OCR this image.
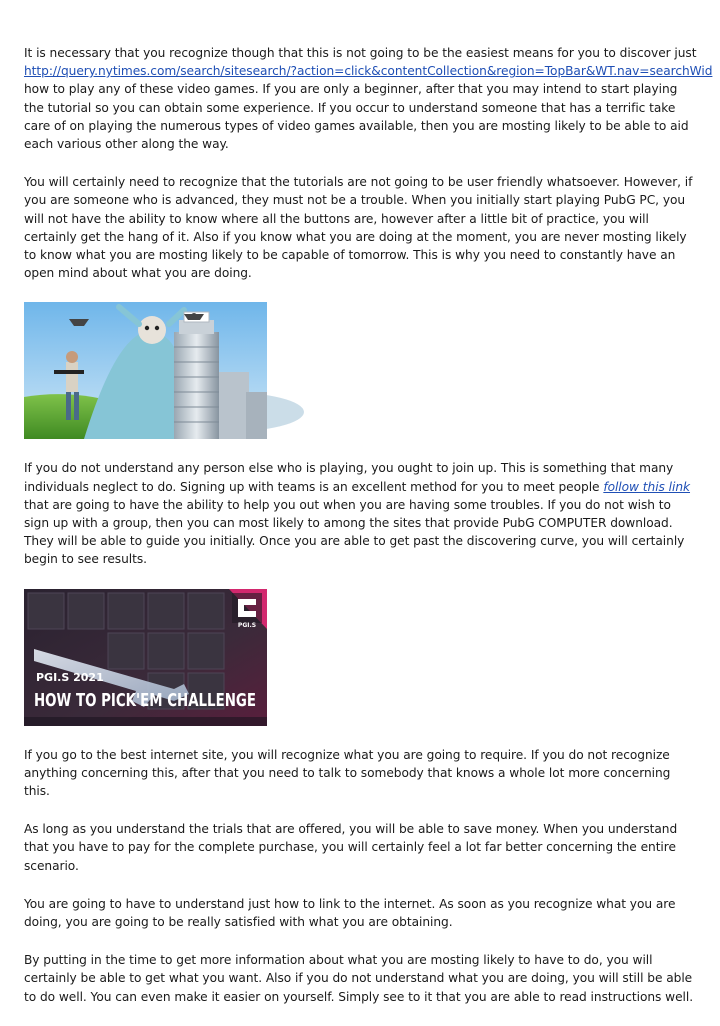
It is necessary that you recognize though that this is not going to be the easiest means for you to discover just
http://query.nytimes.com/search/sitesearch/?action=click&contentCollection&region=TopBar&WT.nav=searchWid
how to play any of these video games. If you are only a beginner, after that you may intend to start playing the tutorial so you can obtain some experience. If you occur to understand someone that has a terrific take care of on playing the numerous types of video games available, then you are mosting likely to be able to aid each various other along the way.

You will certainly need to recognize that the tutorials are not going to be user friendly whatsoever. However, if you are someone who is advanced, they must not be a trouble. When you initially start playing PubG PC, you will not have the ability to know where all the buttons are, however after a little bit of practice, you will certainly get the hang of it. Also if you know what you are doing at the moment, you are never mosting likely to know what you are mosting likely to be capable of tomorrow. This is why you need to constantly have an open mind about what you are doing.

If you do not understand any person else who is playing, you ought to join up. This is something that many individuals neglect to do. Signing up with teams is an excellent method for you to meet people follow this link that are going to have the ability to help you out when you are having some troubles. If you do not wish to sign up with a group, then you can most likely to among the sites that provide PubG COMPUTER download. They will be able to guide you initially. Once you are able to get past the discovering curve, you will certainly begin to see results.

PGI.S
PGI.S 2021
HOW TO PICK'EM CHALLENGE

If you go to the best internet site, you will recognize what you are going to require. If you do not recognize anything concerning this, after that you need to talk to somebody that knows a whole lot more concerning this.

As long as you understand the trials that are offered, you will be able to save money. When you understand that you have to pay for the complete purchase, you will certainly feel a lot far better concerning the entire scenario.

You are going to have to understand just how to link to the internet. As soon as you recognize what you are doing, you are going to be really satisfied with what you are obtaining.

By putting in the time to get more information about what you are mosting likely to have to do, you will certainly be able to get what you want. Also if you do not understand what you are doing, you will still be able to do well. You can even make it easier on yourself. Simply see to it that you are able to read instructions well.
